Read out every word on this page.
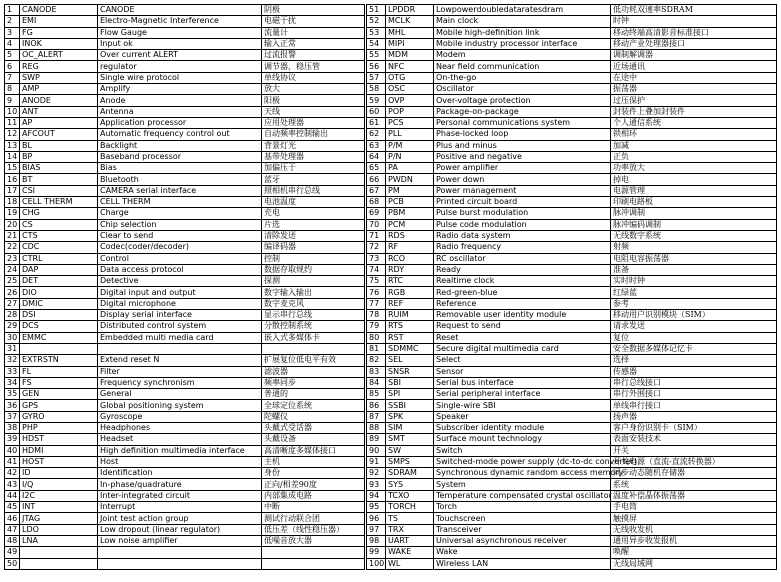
1	CANODE	CANODE	阴极
2	EMI	Electro-Magnetic Interference	电磁干扰
3	FG	Flow Gauge	流量计
4	INOK	Input ok	输入正常
5	OC_ALERT	Over current ALERT	过流报警
6	REG	regulator	调节器，稳压管
7	SWP	Single wire protocol	单线协议
8	AMP	Amplify	放大
9	ANODE	Anode	阳极
10	ANT	Antenna	天线
11	AP	Application processor	应用处理器
12	AFCOUT	Automatic frequency control out	自动频率控制输出
13	BL	Backlight	背景灯光
14	BP	Baseband processor	基带处理器
15	BIAS	Bias	加偏压于
16	BT	Bluetooth	蓝牙
17	CSI	CAMERA serial interface	照相机串行总线
18	CELL THERM	CELL THERM	电池温度
19	CHG	Charge	充电
20	CS	Chip selection	片选
21	CTS	Clear to send	清除发送
22	CDC	Codec(coder/decoder)	编译码器
23	CTRL	Control	控制
24	DAP	Data access protocol	数据存取规约
25	DET	Detective	探测
26	DIO	Digital input and output	数字输入输出
27	DMIC	Digital microphone	数字麦克风
28	DSI	Display serial interface	显示串行总线
29	DCS	Distributed control system	分散控制系统
30	EMMC	Embedded multi media card	嵌入式多媒体卡
31			
32	EXTRSTN	Extend reset N	扩展复位低电平有效
33	FL	Filter	滤波器
34	FS	Frequency synchronism	频率同步
35	GEN	General	普通的
36	GPS	Global positioning system	全球定位系统
37	GYRO	Gyroscope	陀螺仪
38	PHP	Headphones	头戴式受话器
39	HDST	Headset	头戴设备
40	HDMI	High definition multimedia interface	高清晰度多媒体接口
41	HOST	Host	主机
42	ID	Identification	身份
43	I/Q	In-phase/quadrature	正向/相差90度
44	I2C	Inter-integrated circuit	内部集成电路
45	INT	Interrupt	中断
46	JTAG	Joint test action group	测试行动联合团
47	LDO	Low dropout (linear regulator)	低压差（线性稳压器）
48	LNA	Low noise amplifier	低噪音放大器
49			
50			
51	LPDDR	Lowpowerdoubledataratesdram	低功耗双速率SDRAM
52	MCLK	Main clock	时钟
53	MHL	Mobile high-definition link	移动终端高清影音标准接口
54	MIPI	Mobile industry processor interface	移动产业处理器接口
55	MDM	Modem	调制解调器
56	NFC	Near field communication	近场通讯
57	OTG	On-the-go	在途中
58	OSC	Oscillator	振荡器
59	OVP	Over-voltage protection	过压保护
60	POP	Package-on-package	封装件上叠加封装件
61	PCS	Personal communications system	个人通信系统
62	PLL	Phase-locked loop	锁相环
63	P/M	Plus and minus	加减
64	P/N	Positive and negative	正负
65	PA	Power amplifier	功率放大
66	PWDN	Power down	掉电
67	PM	Power management	电源管理
68	PCB	Printed circuit board	印刷电路板
69	PBM	Pulse burst modulation	脉冲调制
70	PCM	Pulse code modulation	脉冲编码调制
71	RDS	Radio data system	无线数字系统
72	RF	Radio frequency	射频
73	RCO	RC oscillator	电阻电容振荡器
74	RDY	Ready	准备
75	RTC	Realtime clock	实时时钟
76	RGB	Red-green-blue	红绿蓝
77	REF	Reference	参考
78	RUIM	Removable user identity module	移动用户识别模块（SIM）
79	RTS	Request to send	请求发送
80	RST	Reset	复位
81	SDMMC	Secure digital multimedia card	安全数据多媒体记忆卡
82	SEL	Select	选择
83	SNSR	Sensor	传感器
84	SBI	Serial bus interface	串行总线接口
85	SPI	Serial peripheral interface	串行外围接口
86	SSBI	Single-wire SBI	单线串行接口
87	SPK	Speaker	扬声器
88	SIM	Subscriber identity module	客户身份识别卡（SIM）
89	SMT	Surface mount technology	表面安装技术
90	SW	Switch	开关
91	SMPS	Switched-mode power supply (dc-to-dc converter)	开关电源（直流-直流转换器）
92	SDRAM	Synchronous dynamic random access memory	同步动态随机存储器
93	SYS	System	系统
94	TCXO	Temperature compensated crystal oscillator	温度补偿晶体振荡器
95	TORCH	Torch	手电筒
96	TS	Touchscreen	触摸屏
97	TRX	Transceiver	无线收发机
98	UART	Universal asynchronous receiver	通用异步收发报机
99	WAKE	Wake	唤醒
100	WL	Wireless LAN	无线局域网
